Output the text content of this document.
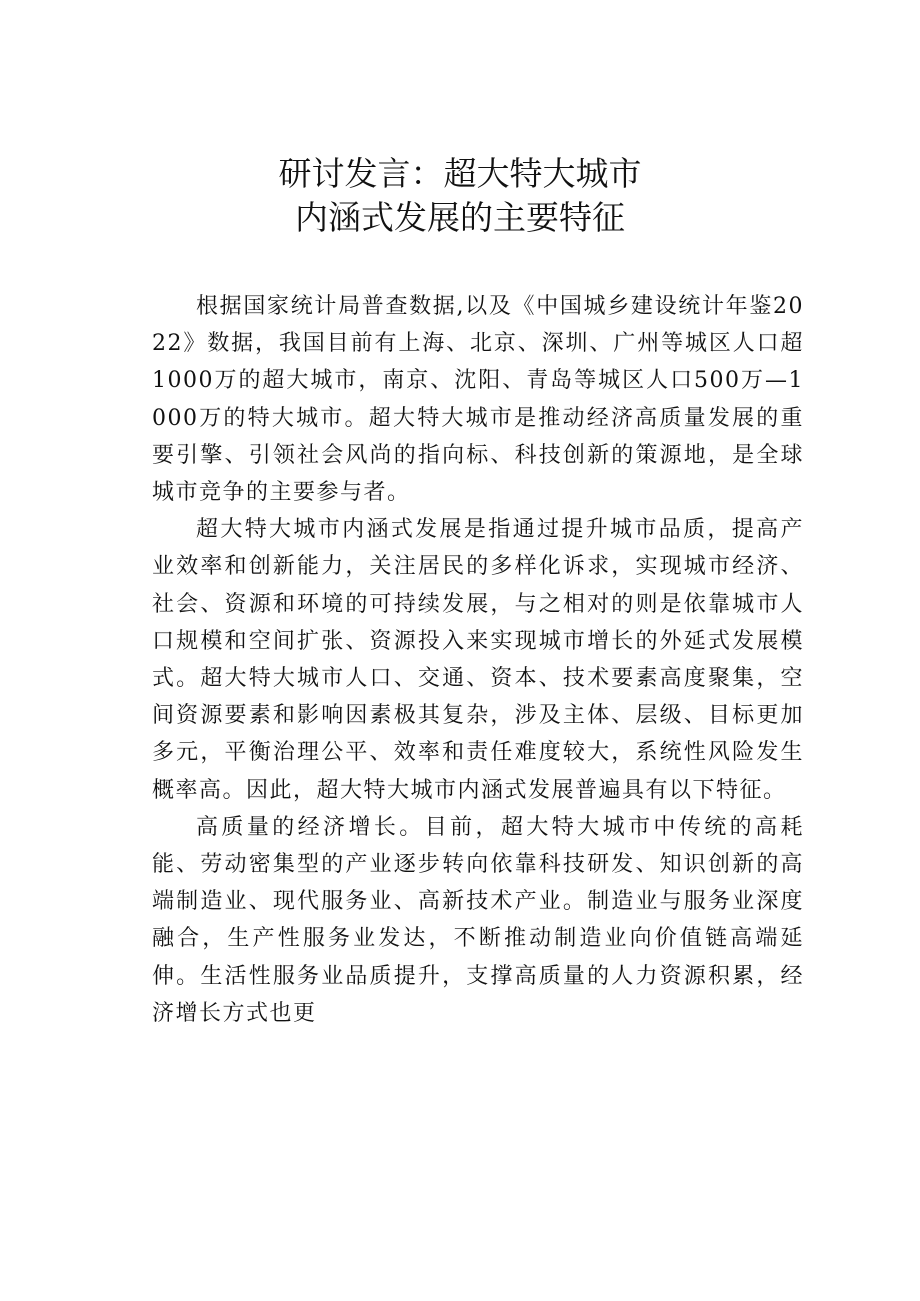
研讨发言：超大特大城市
内涵式发展的主要特征

根据国家统计局普查数据,以及《中国城乡建设统计年鉴2022》数据，我国目前有上海、北京、深圳、广州等城区人口超1000万的超大城市，南京、沈阳、青岛等城区人口500万—1000万的特大城市。超大特大城市是推动经济高质量发展的重要引擎、引领社会风尚的指向标、科技创新的策源地，是全球城市竞争的主要参与者。

超大特大城市内涵式发展是指通过提升城市品质，提高产业效率和创新能力，关注居民的多样化诉求，实现城市经济、社会、资源和环境的可持续发展，与之相对的则是依靠城市人口规模和空间扩张、资源投入来实现城市增长的外延式发展模式。超大特大城市人口、交通、资本、技术要素高度聚集，空间资源要素和影响因素极其复杂，涉及主体、层级、目标更加多元，平衡治理公平、效率和责任难度较大，系统性风险发生概率高。因此，超大特大城市内涵式发展普遍具有以下特征。

高质量的经济增长。目前，超大特大城市中传统的高耗能、劳动密集型的产业逐步转向依靠科技研发、知识创新的高端制造业、现代服务业、高新技术产业。制造业与服务业深度融合，生产性服务业发达，不断推动制造业向价值链高端延伸。生活性服务业品质提升，支撑高质量的人力资源积累，经济增长方式也更
